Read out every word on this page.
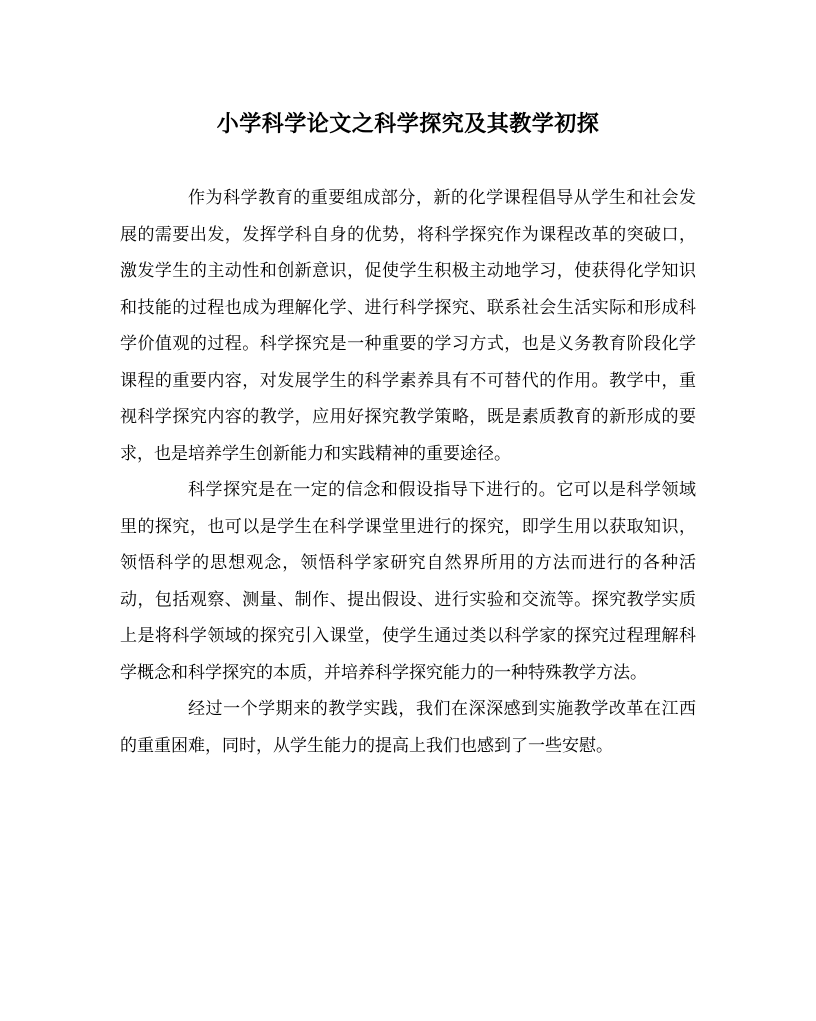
小学科学论文之科学探究及其教学初探

作为科学教育的重要组成部分，新的化学课程倡导从学生和社会发展的需要出发，发挥学科自身的优势，将科学探究作为课程改革的突破口，激发学生的主动性和创新意识，促使学生积极主动地学习，使获得化学知识和技能的过程也成为理解化学、进行科学探究、联系社会生活实际和形成科学价值观的过程。科学探究是一种重要的学习方式，也是义务教育阶段化学课程的重要内容，对发展学生的科学素养具有不可替代的作用。教学中，重视科学探究内容的教学，应用好探究教学策略，既是素质教育的新形成的要求，也是培养学生创新能力和实践精神的重要途径。

科学探究是在一定的信念和假设指导下进行的。它可以是科学领域里的探究，也可以是学生在科学课堂里进行的探究，即学生用以获取知识，领悟科学的思想观念，领悟科学家研究自然界所用的方法而进行的各种活动，包括观察、测量、制作、提出假设、进行实验和交流等。探究教学实质上是将科学领域的探究引入课堂，使学生通过类以科学家的探究过程理解科学概念和科学探究的本质，并培养科学探究能力的一种特殊教学方法。

经过一个学期来的教学实践，我们在深深感到实施教学改革在江西的重重困难，同时，从学生能力的提高上我们也感到了一些安慰。
